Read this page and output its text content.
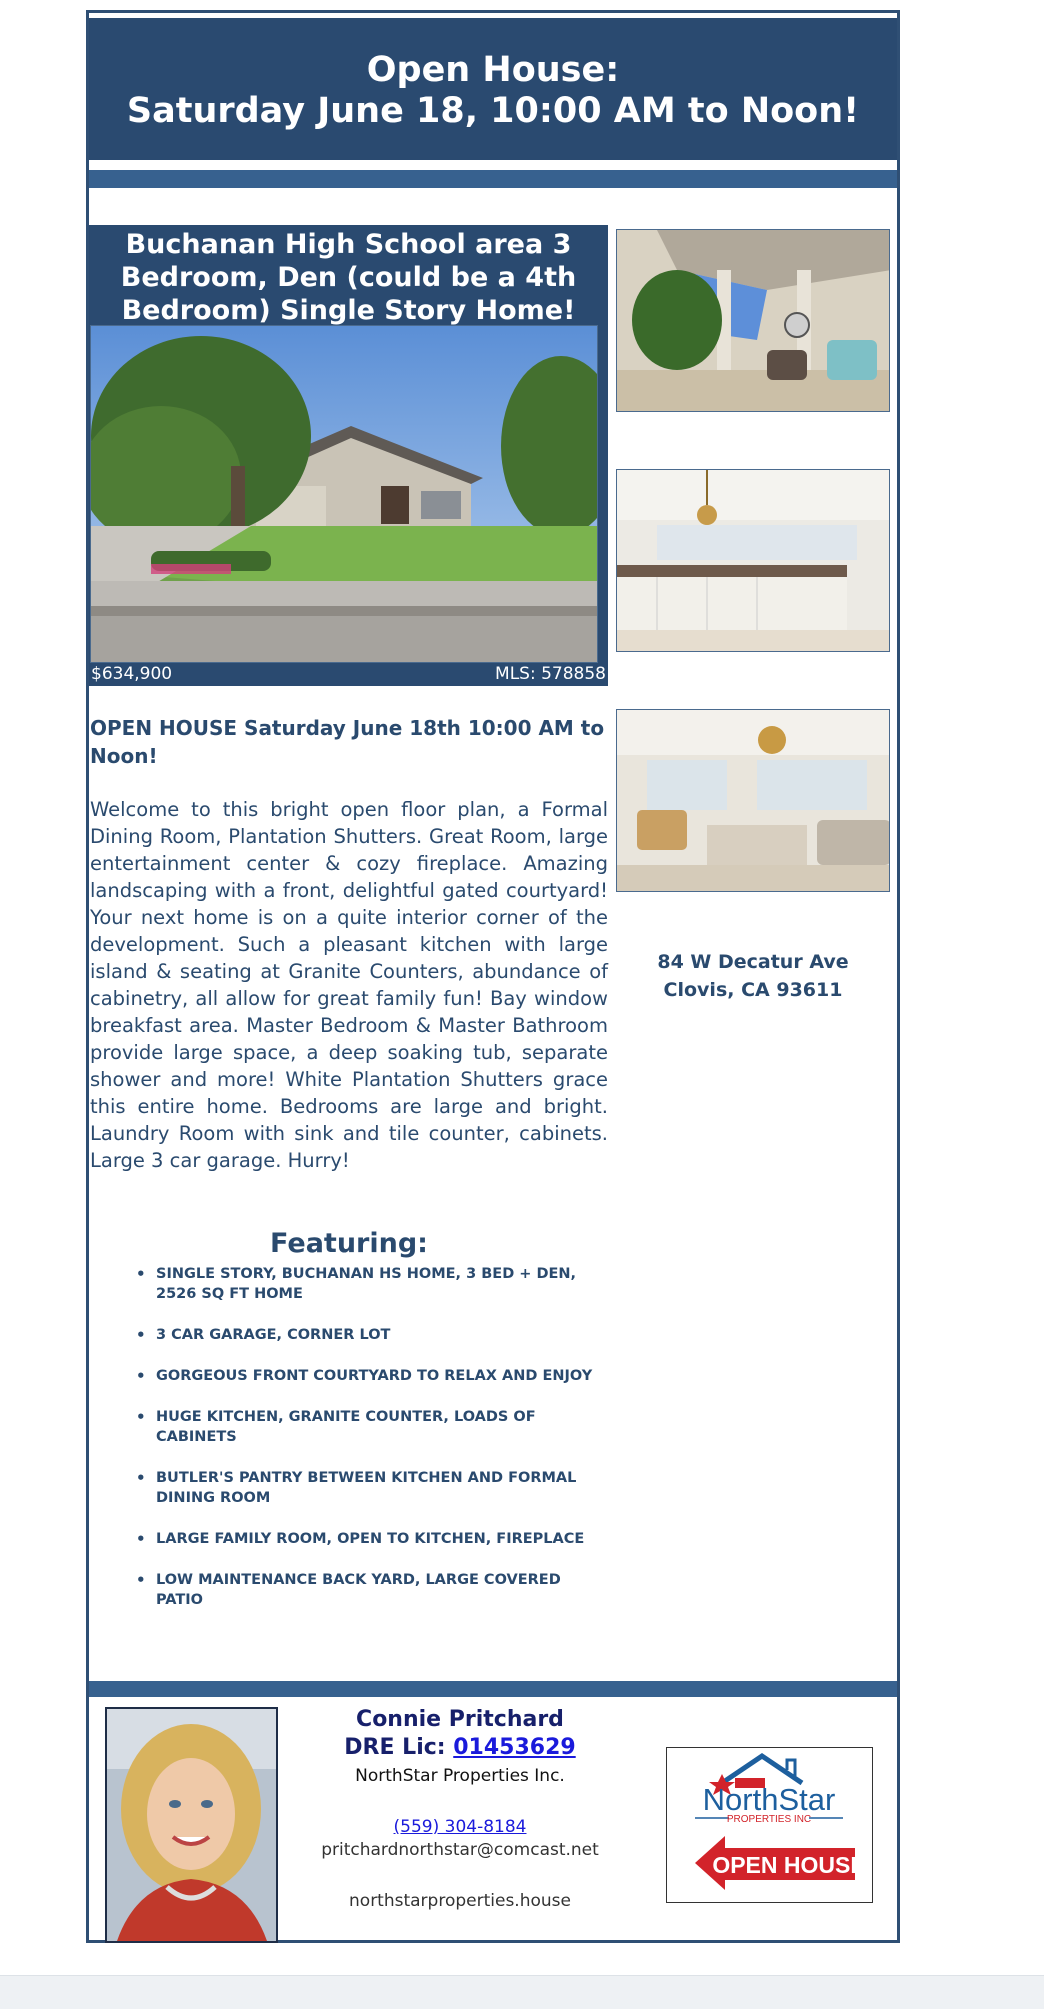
Open House:
Saturday June 18, 10:00 AM to Noon!
Buchanan High School area 3 Bedroom, Den (could be a 4th Bedroom) Single Story Home!
$634,900	MLS: 578858
OPEN HOUSE Saturday June 18th 10:00 AM to Noon!
Welcome to this bright open floor plan, a Formal Dining Room, Plantation Shutters. Great Room, large entertainment center & cozy fireplace. Amazing landscaping with a front, delightful gated courtyard! Your next home is on a quite interior corner of the development. Such a pleasant kitchen with large island & seating at Granite Counters, abundance of cabinetry, all allow for great family fun! Bay window breakfast area. Master Bedroom & Master Bathroom provide large space, a deep soaking tub, separate shower and more! White Plantation Shutters grace this entire home. Bedrooms are large and bright. Laundry Room with sink and tile counter, cabinets. Large 3 car garage. Hurry!
Featuring:
• SINGLE STORY, BUCHANAN HS HOME, 3 BED + DEN, 2526 SQ FT HOME
• 3 CAR GARAGE, CORNER LOT
• GORGEOUS FRONT COURTYARD TO RELAX AND ENJOY
• HUGE KITCHEN, GRANITE COUNTER, LOADS OF CABINETS
• BUTLER'S PANTRY BETWEEN KITCHEN AND FORMAL DINING ROOM
• LARGE FAMILY ROOM, OPEN TO KITCHEN, FIREPLACE
• LOW MAINTENANCE BACK YARD, LARGE COVERED PATIO
84 W Decatur Ave
Clovis, CA 93611
Connie Pritchard
DRE Lic: 01453629
NorthStar Properties Inc.
(559) 304-8184
pritchardnorthstar@comcast.net
northstarproperties.house
NorthStar
PROPERTIES INC
OPEN HOUSE
